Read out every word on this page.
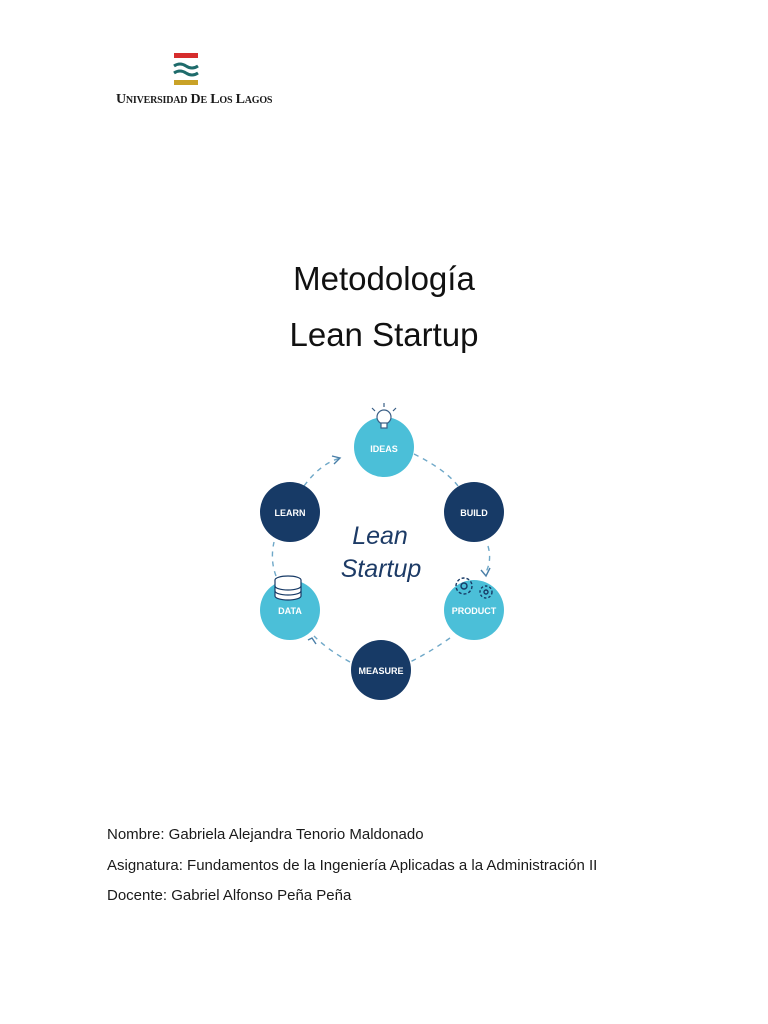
Universidad De Los Lagos
Metodología
Lean Startup
IDEAS
BUILD
PRODUCT
MEASURE
DATA
LEARN
Lean
Startup
Nombre: Gabriela Alejandra Tenorio Maldonado
Asignatura: Fundamentos de la Ingeniería Aplicadas a la Administración II
Docente: Gabriel Alfonso Peña Peña
